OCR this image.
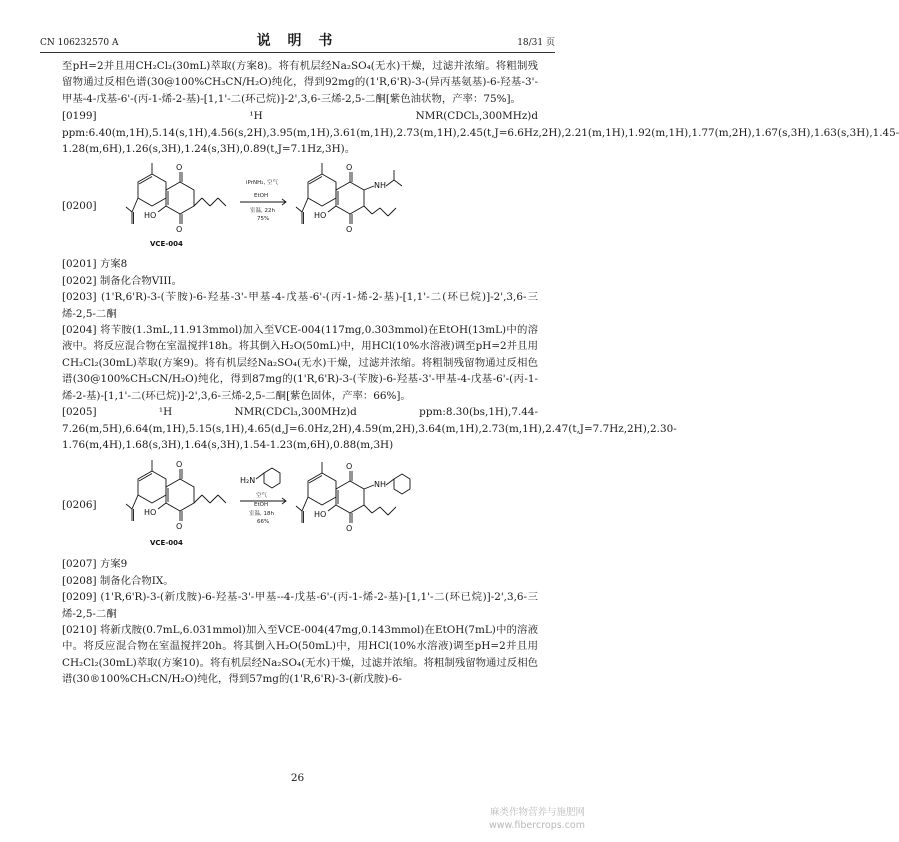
CN 106232570 A	说 明 书	18/31 页

至pH=2并且用CH₂Cl₂(30mL)萃取(方案8)。将有机层经Na₂SO₄(无水)干燥，过滤并浓缩。将粗制残留物通过反相色谱(30@100%CH₃CN/H₂O)纯化，得到92mg的(1'R,6'R)-3-(异丙基氨基)-6-羟基-3'-甲基-4-戊基-6'-(丙-1-烯-2-基)-[1,1'-二(环己烷)]-2',3,6-三烯-2,5-二酮[紫色油状物，产率：75%]。

[0199] ¹H NMR(CDCl₃,300MHz)d ppm:6.40(m,1H),5.14(s,1H),4.56(s,2H),3.95(m,1H),3.61(m,1H),2.73(m,1H),2.45(t,J=6.6Hz,2H),2.21(m,1H),1.92(m,1H),1.77(m,2H),1.67(s,3H),1.63(s,3H),1.45-1.28(m,6H),1.26(s,3H),1.24(s,3H),0.89(t,J=7.1Hz,3H)。

[0200]
O
O
HO
O
O
HO
NH
iPrNH₂, 空气
EtOH
室温, 22h
75%
VCE-004

[0201] 方案8

[0202] 制备化合物VIII。

[0203] (1'R,6'R)-3-(苄胺)-6-羟基-3'-甲基-4-戊基-6'-(丙-1-烯-2-基)-[1,1'-二(环已烷)]-2',3,6-三烯-2,5-二酮

[0204] 将苄胺(1.3mL,11.913mmol)加入至VCE-004(117mg,0.303mmol)在EtOH(13mL)中的溶液中。将反应混合物在室温搅拌18h。将其倒入H₂O(50mL)中，用HCl(10%水溶液)调至pH=2并且用CH₂Cl₂(30mL)萃取(方案9)。将有机层经Na₂SO₄(无水)干燥，过滤并浓缩。将粗制残留物通过反相色谱(30@100%CH₃CN/H₂O)纯化，得到87mg的(1'R,6'R)-3-(苄胺)-6-羟基-3'-甲基-4-戊基-6'-(丙-1-烯-2-基)-[1,1'-二(环已烷)]-2',3,6-三烯-2,5-二酮[紫色固体，产率：66%]。

[0205] ¹H NMR(CDCl₃,300MHz)d ppm:8.30(bs,1H),7.44-7.26(m,5H),6.64(m,1H),5.15(s,1H),4.65(d,J=6.0Hz,2H),4.59(m,2H),3.64(m,1H),2.73(m,1H),2.47(t,J=7.7Hz,2H),2.30-1.76(m,4H),1.68(s,3H),1.64(s,3H),1.54-1.23(m,6H),0.88(m,3H)

[0206]
O
O
HO
O
O
HO
NH
H₂N
空气
EtOH
室温, 18h
66%
VCE-004

[0207] 方案9

[0208] 制备化合物IX。

[0209] (1'R,6'R)-3-(新戊胺)-6-羟基-3'-甲基--4-戊基-6'-(丙-1-烯-2-基)-[1,1'-二(环已烷)]-2',3,6-三烯-2,5-二酮

[0210] 将新戊胺(0.7mL,6.031mmol)加入至VCE-004(47mg,0.143mmol)在EtOH(7mL)中的溶液中。将反应混合物在室温搅拌20h。将其倒入H₂O(50mL)中，用HCl(10%水溶液)调至pH=2并且用CH₂Cl₂(30mL)萃取(方案10)。将有机层经Na₂SO₄(无水)干燥，过滤并浓缩。将粗制残留物通过反相色谱(30®100%CH₃CN/H₂O)纯化，得到57mg的(1'R,6'R)-3-(新戊胺)-6-

26
麻类作物营养与施肥网
www.fibercrops.com
